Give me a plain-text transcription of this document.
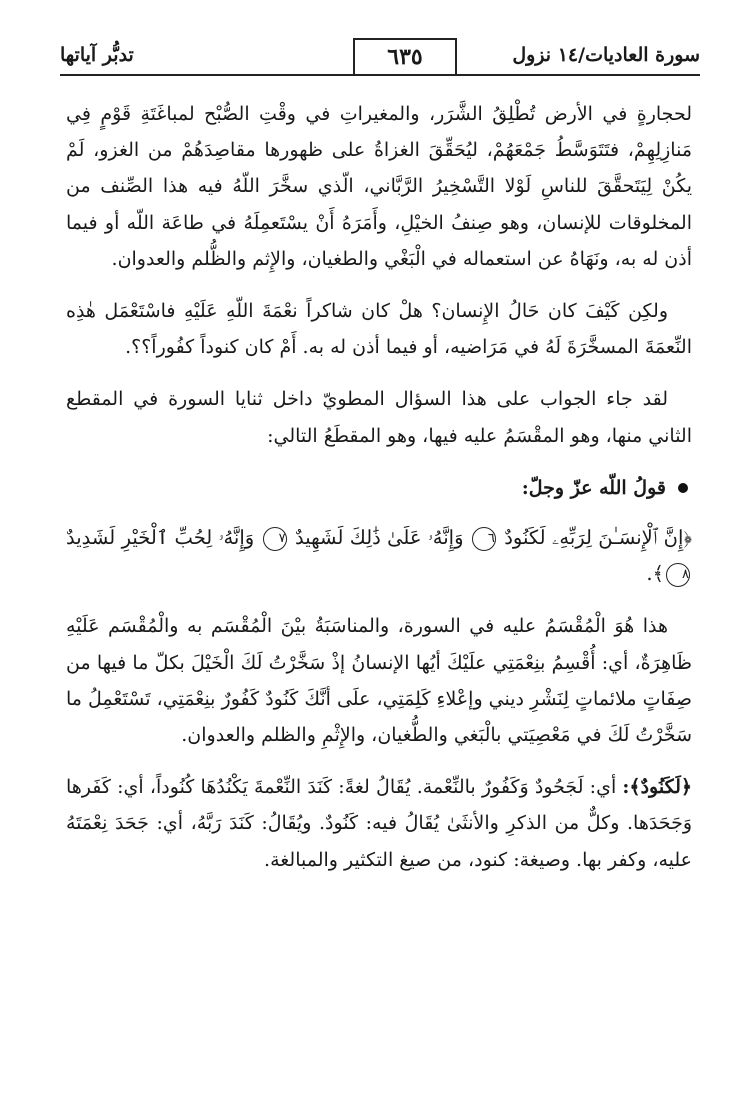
سورة العاديات/١٤ نزول
٦٣٥
تدبُّر آياتها

لحجارةٍ في الأرض تُطْلِقُ الشَّرَر، والمغيراتِ في وقْتِ الصُّبْح لمباغَتَةِ قَوْمٍ فِي مَنازِلِهِمْ، فتَتَوَسَّطُ جَمْعَهُمْ، ليُحَقِّقَ الغزاةُ على ظهورها مقاصِدَهُمْ من الغزو، لَمْ يكُنْ لِيَتَحقَّقَ للناسِ لَوْلا التَّسْخِيرُ الرَّبَّاني، الّذي سخَّرَ اللّهُ فيه هذا الصِّنف من المخلوقات للإنسان، وهو صِنفُ الخيْلِ، وأَمَرَهُ أَنْ يسْتَعمِلَهُ في طاعَة اللّه أو فيما أذن له به، ونَهَاهُ عن استعماله في الْبَغْي والطغيان، والإِثم والظُّلم والعدوان.

ولكِن كَيْفَ كان حَالُ الإِنسان؟ هلْ كان شاكراً نعْمَةَ اللّهِ عَلَيْهِ فاسْتَعْمَل هٰذِه النِّعمَةَ المسخَّرَةَ لَهُ في مَرَاضيه، أو فيما أذن له به. أَمْ كان كنوداً كفُوراً؟؟.

لقد جاء الجواب على هذا السؤال المطويّ داخل ثنايا السورة في المقطع الثاني منها، وهو المقْسَمُ عليه فيها، وهو المقطَعُ التالي:

قولُ اللّه عزّ وجلّ:

﴿إِنَّ ٱلْإِنسَـٰنَ لِرَبِّهِۦ لَكَنُودٌ ٦ وَإِنَّهُۥ عَلَىٰ ذَٰلِكَ لَشَهِيدٌ ٧ وَإِنَّهُۥ لِحُبِّ ٱلْخَيْرِ لَشَدِيدٌ ٨﴾.

هذا هُوَ الْمُقْسَمُ عليه في السورة، والمناسَبَةُ بيْنَ الْمُقْسَم به والْمُقْسَم عَلَيْهِ ظَاهِرَةٌ، أي: أُقْسِمُ بنِعْمَتِي علَيْكَ أيُها الإنسانُ إذْ سَخَّرْتُ لَكَ الْخَيْلَ بكلّ ما فيها من صِفَاتٍ ملائماتٍ لِنَشْرِ ديني وإعْلاءِ كَلِمَتِي، علَى أنَّكَ كَنُودٌ كَفُورٌ بنِعْمَتِي، تَسْتَعْمِلُ ما سَخَّرْتُ لَكَ في مَعْصِيَتي بالْبَغي والطُّغيان، والإِثْمِ والظلم والعدوان.

﴿لَكَنُودٌ﴾: أي: لَجَحُودٌ وَكَفُورٌ بالنِّعْمة. يُقَالُ لغةً: كَنَدَ النِّعْمةَ يَكْنُدُهَا كُنُوداً، أي: كَفَرها وَجَحَدَها. وكلٌّ من الذكرِ والأنثَىٰ يُقَالُ فيه: كَنُودٌ. ويُقَالُ: كَنَدَ رَبَّهُ، أي: جَحَدَ نِعْمَتَهُ عليه، وكفر بها. وصيغة: كنود، من صيغ التكثير والمبالغة.
